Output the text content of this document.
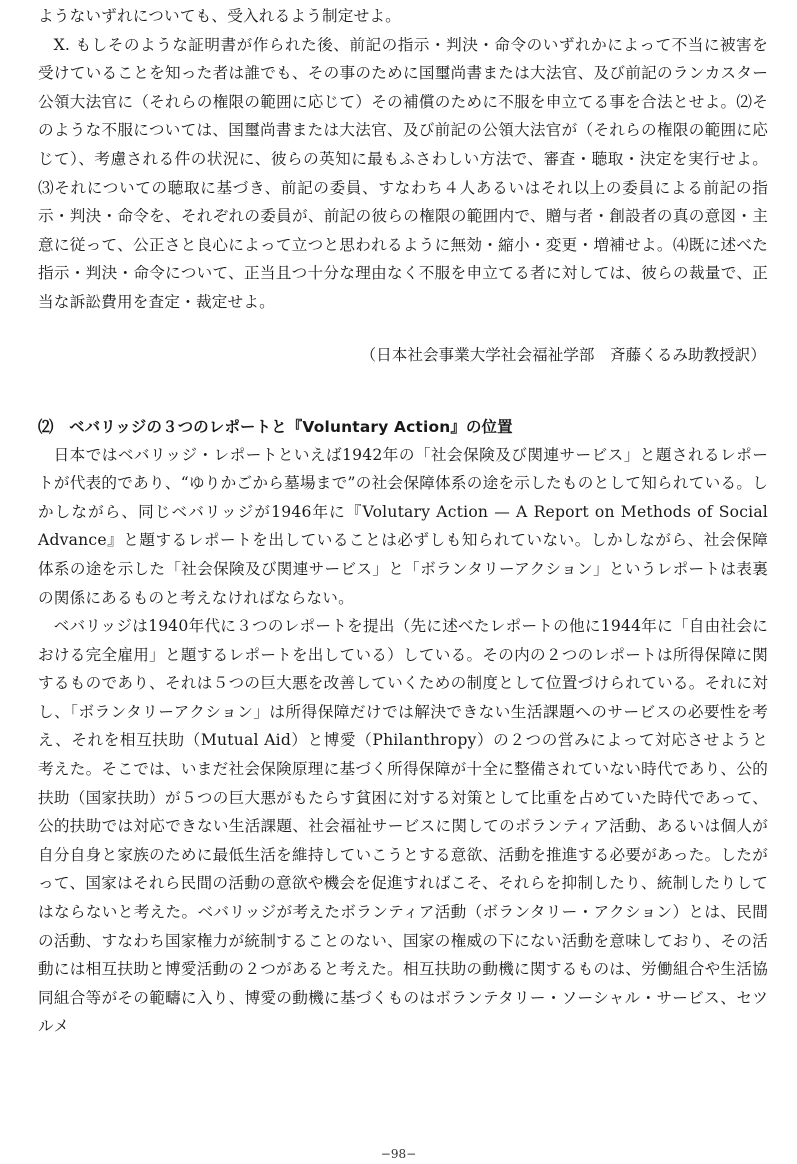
ようないずれについても、受入れるよう制定せよ。

X. もしそのような証明書が作られた後、前記の指示・判決・命令のいずれかによって不当に被害を受けていることを知った者は誰でも、その事のために国璽尚書または大法官、及び前記のランカスター公領大法官に（それらの権限の範囲に応じて）その補償のために不服を申立てる事を合法とせよ。⑵そのような不服については、国璽尚書または大法官、及び前記の公領大法官が（それらの権限の範囲に応じて）、考慮される件の状況に、彼らの英知に最もふさわしい方法で、審査・聴取・決定を実行せよ。⑶それについての聴取に基づき、前記の委員、すなわち４人あるいはそれ以上の委員による前記の指示・判決・命令を、それぞれの委員が、前記の彼らの権限の範囲内で、贈与者・創設者の真の意図・主意に従って、公正さと良心によって立つと思われるように無効・縮小・変更・増補せよ。⑷既に述べた指示・判決・命令について、正当且つ十分な理由なく不服を申立てる者に対しては、彼らの裁量で、正当な訴訟費用を査定・裁定せよ。

（日本社会事業大学社会福祉学部　斉藤くるみ助教授訳）

⑵　ベバリッジの３つのレポートと『Voluntary Action』の位置

日本ではベバリッジ・レポートといえば1942年の「社会保険及び関連サービス」と題されるレポートが代表的であり、“ゆりかごから墓場まで”の社会保障体系の途を示したものとして知られている。しかしながら、同じベバリッジが1946年に『Volutary Action — A Report on Methods of Social Advance』と題するレポートを出していることは必ずしも知られていない。しかしながら、社会保障体系の途を示した「社会保険及び関連サービス」と「ボランタリーアクション」というレポートは表裏の関係にあるものと考えなければならない。

ベバリッジは1940年代に３つのレポートを提出（先に述べたレポートの他に1944年に「自由社会における完全雇用」と題するレポートを出している）している。その内の２つのレポートは所得保障に関するものであり、それは５つの巨大悪を改善していくための制度として位置づけられている。それに対し、「ボランタリーアクション」は所得保障だけでは解決できない生活課題へのサービスの必要性を考え、それを相互扶助（Mutual Aid）と博愛（Philanthropy）の２つの営みによって対応させようと考えた。そこでは、いまだ社会保険原理に基づく所得保障が十全に整備されていない時代であり、公的扶助（国家扶助）が５つの巨大悪がもたらす貧困に対する対策として比重を占めていた時代であって、公的扶助では対応できない生活課題、社会福祉サービスに関してのボランティア活動、あるいは個人が自分自身と家族のために最低生活を維持していこうとする意欲、活動を推進する必要があった。したがって、国家はそれら民間の活動の意欲や機会を促進すればこそ、それらを抑制したり、統制したりしてはならないと考えた。ベバリッジが考えたボランティア活動（ボランタリー・アクション）とは、民間の活動、すなわち国家権力が統制することのない、国家の権威の下にない活動を意味しており、その活動には相互扶助と博愛活動の２つがあると考えた。相互扶助の動機に関するものは、労働組合や生活協同組合等がその範疇に入り、博愛の動機に基づくものはボランテタリー・ソーシャル・サービス、セツルメ

−98−
